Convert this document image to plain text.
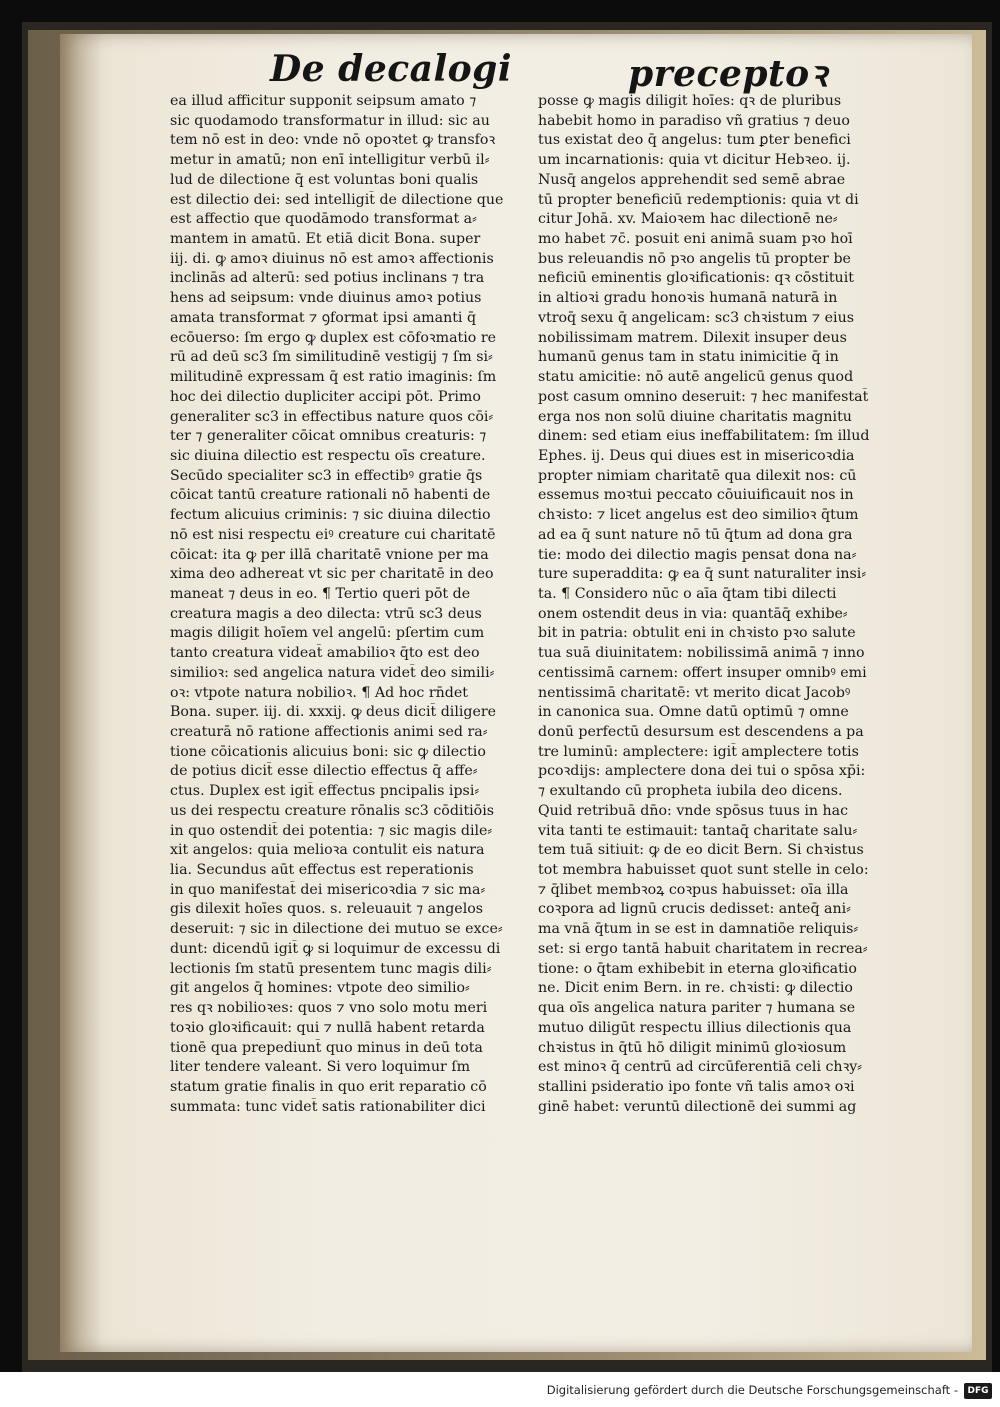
De decalogi	preceptoꝛ
ea illud afficitur supponit seipsum amato ⁊
sic quodamodo transformatur in illud: sic au
tem nō est in deo: vnde nō opoꝛtet ꝙ transfoꝛ
metur in amatū; non enī intelligitur verbū il⸗
lud de dilectione q̄ est voluntas boni qualis
est dilectio dei: sed intelligit̄ de dilectione que
est affectio que quodāmodo transformat a⸗
mantem in amatū. Et etiā dicit Bona. super
iij. di. ꝙ amoꝛ diuinus nō est amoꝛ affectionis
inclinās ad alterū: sed potius inclinans ⁊ tra
hens ad seipsum: vnde diuinus amoꝛ potius
amata transformat ⁊ ꝯformat ipsi amanti q̄
ecōuerso: ſm ergo ꝙ duplex est cōfoꝛmatio re
rū ad deū sc3 ſm similitudinē vestigij ⁊ ſm si⸗
militudinē expressam q̄ est ratio imaginis: ſm
hoc dei dilectio dupliciter accipi pōt. Primo
generaliter sc3 in effectibus nature quos cōi⸗
ter ⁊ generaliter cōicat omnibus creaturis: ⁊
sic diuina dilectio est respectu oīs creature.
Secūdo specialiter sc3 in effectibꝰ gratie q̄s
cōicat tantū creature rationali nō habenti de
fectum alicuius criminis: ⁊ sic diuina dilectio
nō est nisi respectu eiꝰ creature cui charitatē
cōicat: ita ꝙ per illā charitatē vnione per ma
xima deo adhereat vt sic per charitatē in deo
maneat ⁊ deus in eo. ¶ Tertio queri pōt de
creatura magis a deo dilecta: vtrū sc3 deus
magis diligit hoīem vel angelū: pſertim cum
tanto creatura videat̄ amabilioꝛ q̄to est deo
similioꝛ: sed angelica natura videt̄ deo simili⸗
oꝛ: vtpote natura nobilioꝛ. ¶ Ad hoc rn̄det
Bona. super. iij. di. xxxij. ꝙ deus dicit̄ diligere
creaturā nō ratione affectionis animi sed ra⸗
tione cōicationis alicuius boni: sic ꝙ dilectio
de potius dicit̄ esse dilectio effectus q̄ affe⸗
ctus. Duplex est igit̄ effectus pncipalis ipsi⸗
us dei respectu creature rōnalis sc3 cōditiōis
in quo ostendit̄ dei potentia: ⁊ sic magis dile⸗
xit angelos: quia melioꝛa contulit eis natura
lia. Secundus aūt effectus est reperationis
in quo manifestat̄ dei misericoꝛdia ⁊ sic ma⸗
gis dilexit hoīes quos. s. releuauit ⁊ angelos
deseruit: ⁊ sic in dilectione dei mutuo se exce⸗
dunt: dicendū igit̄ ꝙ si loquimur de excessu di
lectionis ſm statū presentem tunc magis dili⸗
git angelos q̄ homines: vtpote deo similio⸗
res qꝛ nobilioꝛes: quos ⁊ vno solo motu meri
toꝛio gloꝛificauit: qui ⁊ nullā habent retarda
tionē qua prepediunt̄ quo minus in deū tota
liter tendere valeant. Si vero loquimur ſm
statum gratie finalis in quo erit reparatio cō
summata: tunc videt̄ satis rationabiliter dici
posse ꝙ magis diligit hoīes: qꝛ de pluribus
habebit homo in paradiso vñ gratius ⁊ deuo
tus existat deo q̄ angelus: tum ꝑter benefici
um incarnationis: quia vt dicitur Hebꝛeo. ij.
Nusq̄ angelos apprehendit sed semē abrae
tū propter beneficiū redemptionis: quia vt di
citur Johā. xv. Maioꝛem hac dilectionē ne⸗
mo habet ⁊c̄. posuit eni animā suam pꝛo hoī
bus releuandis nō pꝛo angelis tū propter be
neficiū eminentis gloꝛificationis: qꝛ cōstituit
in altioꝛi gradu honoꝛis humanā naturā in
vtroq̄ sexu q̄ angelicam: sc3 chꝛistum ⁊ eius
nobilissimam matrem. Dilexit insuper deus
humanū genus tam in statu inimicitie q̄ in
statu amicitie: nō autē angelicū genus quod
post casum omnino deseruit: ⁊ hec manifestat̄
erga nos non solū diuine charitatis magnitu
dinem: sed etiam eius ineffabilitatem: ſm illud
Ephes. ij. Deus qui diues est in misericoꝛdia
propter nimiam charitatē qua dilexit nos: cū
essemus moꝛtui peccato cōuiuificauit nos in
chꝛisto: ⁊ licet angelus est deo similioꝛ q̄tum
ad ea q̄ sunt nature nō tū q̄tum ad dona gra
tie: modo dei dilectio magis pensat dona na⸗
ture superaddita: ꝙ ea q̄ sunt naturaliter insi⸗
ta. ¶ Considero nūc o aīa q̄tam tibi dilecti
onem ostendit deus in via: quantāq̄ exhibe⸗
bit in patria: obtulit eni in chꝛisto pꝛo salute
tua suā diuinitatem: nobilissimā animā ⁊ inno
centissimā carnem: offert insuper omnibꝰ emi
nentissimā charitatē: vt merito dicat Jacobꝰ
in canonica sua. Omne datū optimū ⁊ omne
donū perfectū desursum est descendens a pa
tre luminū: amplectere: igit̄ amplectere totis
pcoꝛdijs: amplectere dona dei tui o spōsa xp̄i:
⁊ exultando cū propheta iubila deo dicens.
Quid retribuā dn̄o: vnde spōsus tuus in hac
vita tanti te estimauit: tantaq̄ charitate salu⸗
tem tuā sitiuit: ꝙ de eo dicit Bern. Si chꝛistus
tot membra habuisset quot sunt stelle in celo:
⁊ q̄libet membꝛoꝝ coꝛpus habuisset: oīa illa
coꝛpora ad lignū crucis dedisset: anteq̄ ani⸗
ma vnā q̄tum in se est in damnatiōe reliquis⸗
set: si ergo tantā habuit charitatem in recrea⸗
tione: o q̄tam exhibebit in eterna gloꝛificatio
ne. Dicit enim Bern. in re. chꝛisti: ꝙ dilectio
qua oīs angelica natura pariter ⁊ humana se
mutuo diligūt respectu illius dilectionis qua
chꝛistus in q̄tū hō diligit minimū gloꝛiosum
est minoꝛ q̄ centrū ad circūferentiā celi chꝛy⸗
stallini psideratio ipo fonte vñ talis amoꝛ oꝛi
ginē habet: veruntū dilectionē dei summi ag
Digitalisierung gefördert durch die Deutsche Forschungsgemeinschaft -	DFG
